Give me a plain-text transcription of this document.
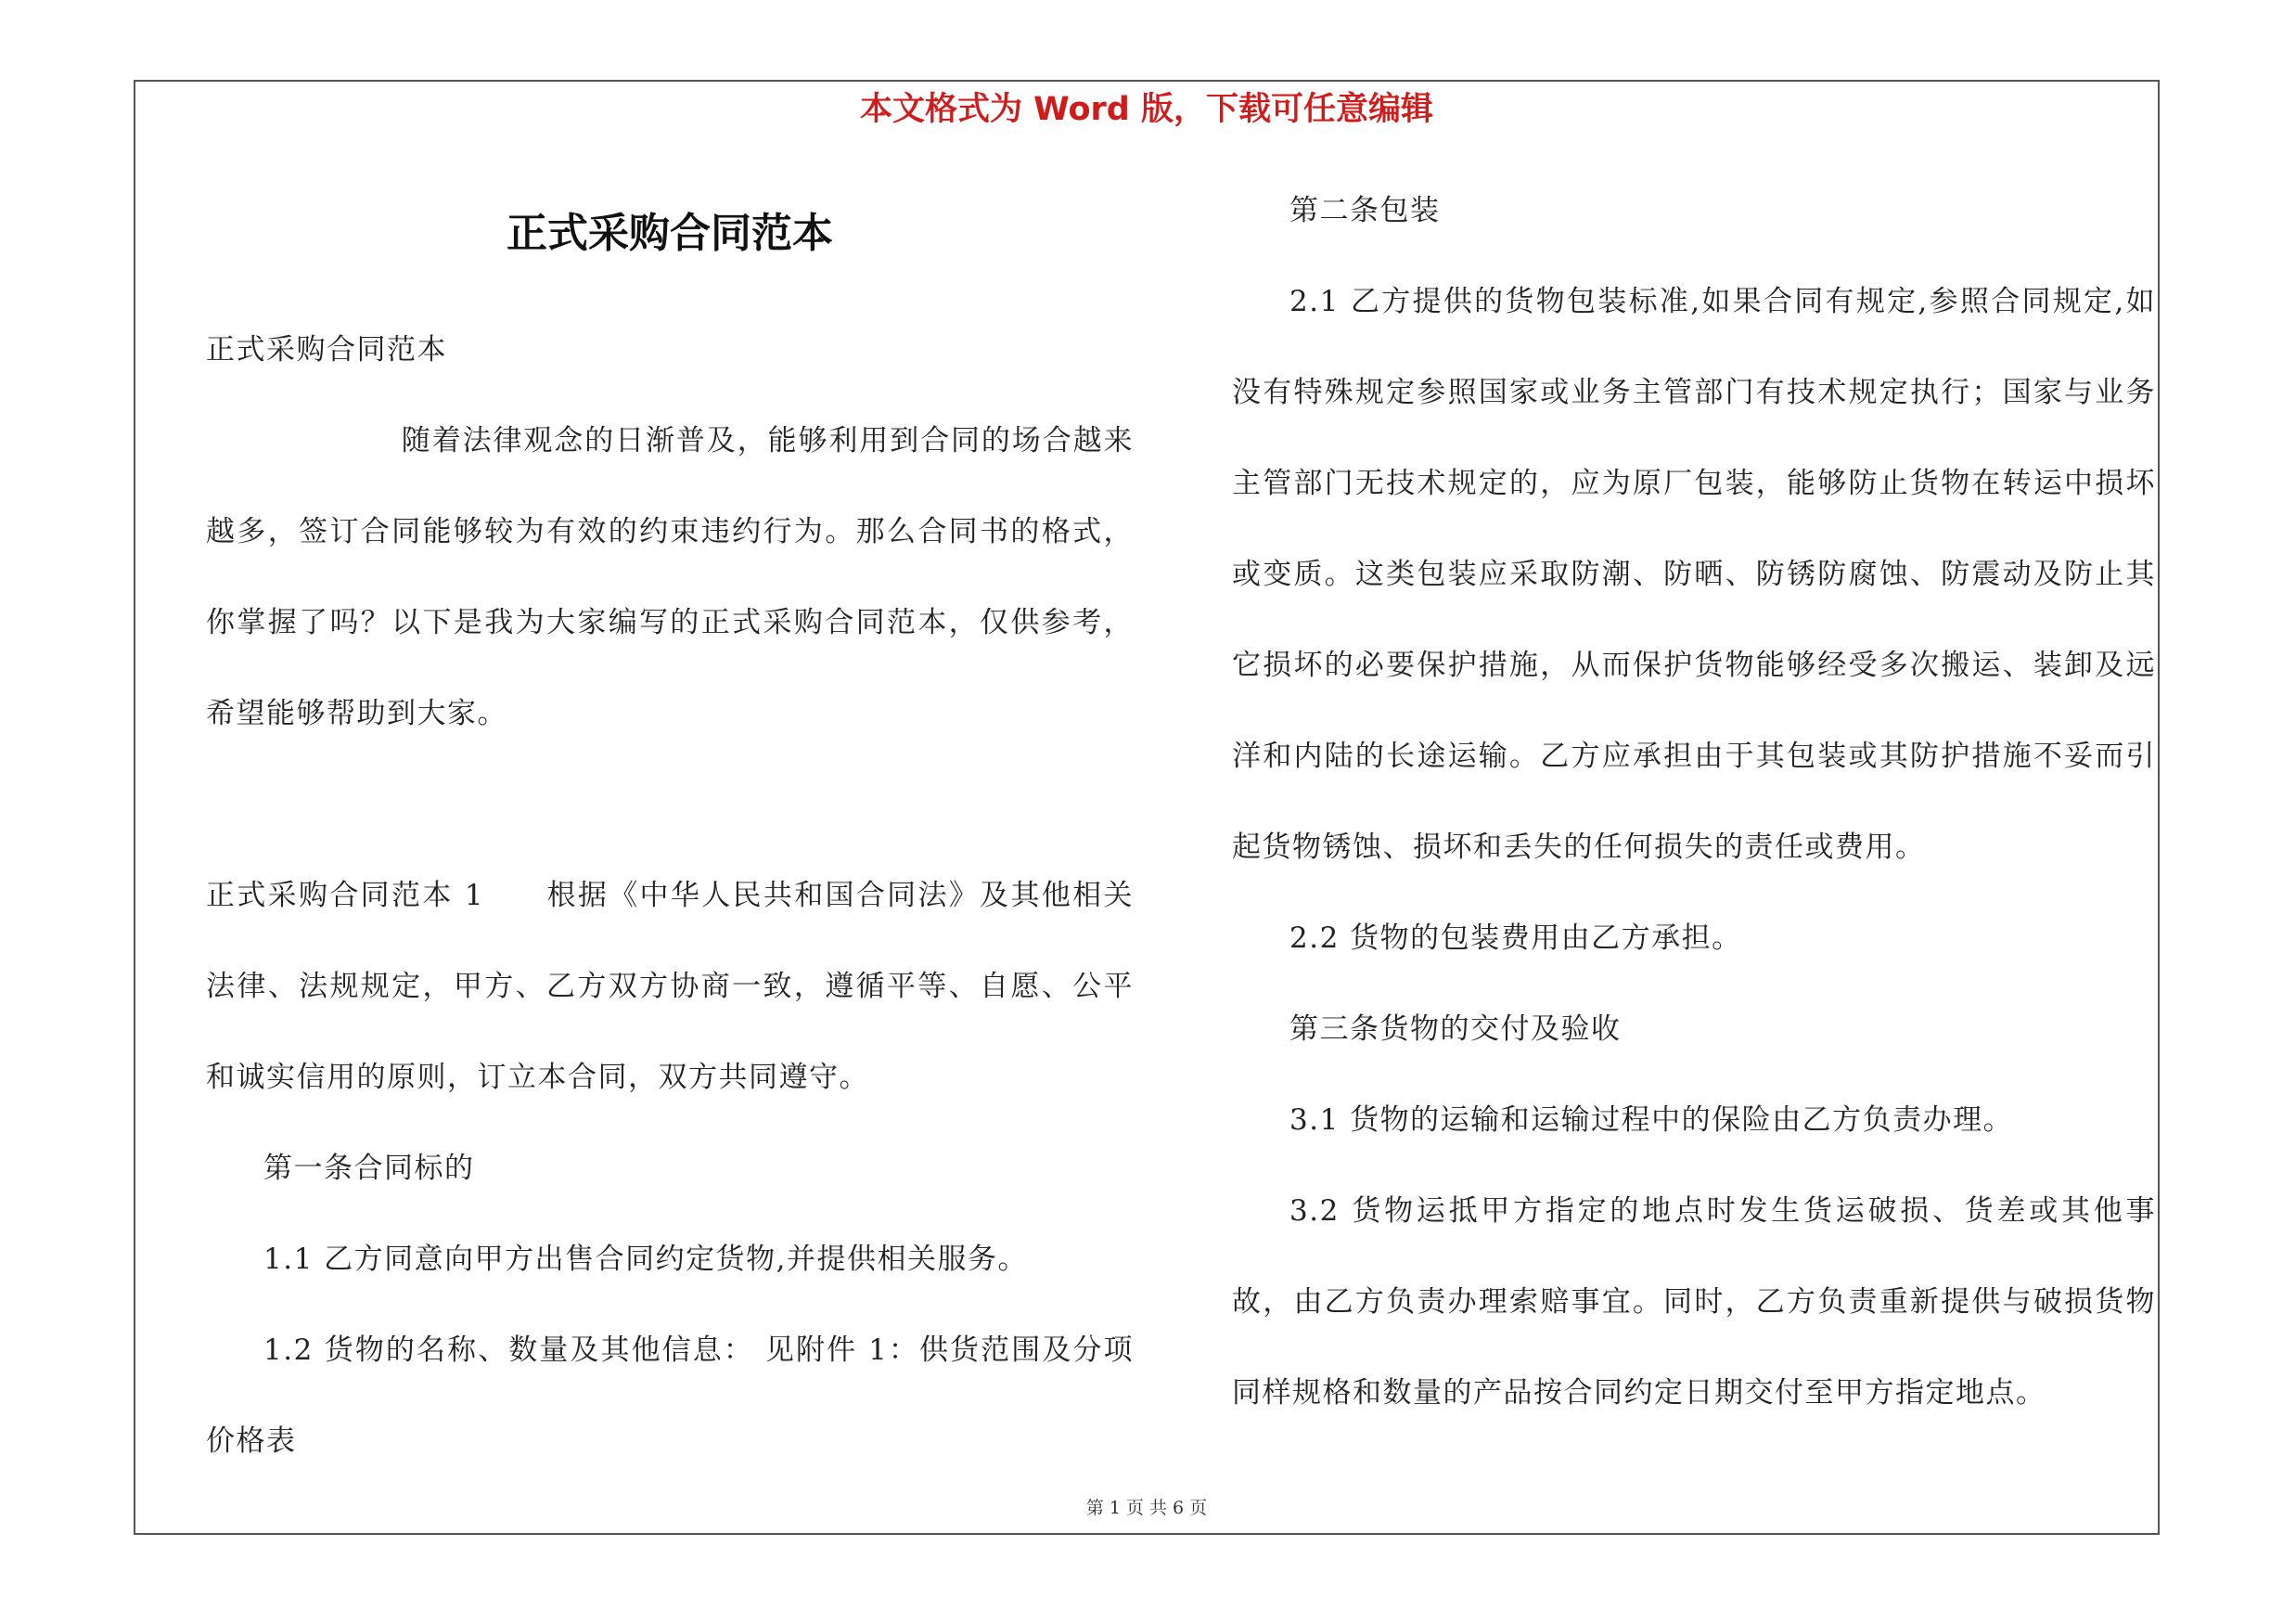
本文格式为 Word 版，下载可任意编辑
正式采购合同范本

正式采购合同范本

随着法律观念的日渐普及，能够利用到合同的场合越来越多，签订合同能够较为有效的约束违约行为。那么合同书的格式，你掌握了吗？以下是我为大家编写的正式采购合同范本，仅供参考，希望能够帮助到大家。

正式采购合同范本 1　　根据《中华人民共和国合同法》及其他相关法律、法规规定，甲方、乙方双方协商一致，遵循平等、自愿、公平和诚实信用的原则，订立本合同，双方共同遵守。

第一条合同标的

1.1 乙方同意向甲方出售合同约定货物,并提供相关服务。

1.2 货物的名称、数量及其他信息： 见附件 1：供货范围及分项价格表

第二条包装

2.1 乙方提供的货物包装标准,如果合同有规定,参照合同规定,如没有特殊规定参照国家或业务主管部门有技术规定执行；国家与业务主管部门无技术规定的，应为原厂包装，能够防止货物在转运中损坏或变质。这类包装应采取防潮、防晒、防锈防腐蚀、防震动及防止其它损坏的必要保护措施，从而保护货物能够经受多次搬运、装卸及远洋和内陆的长途运输。乙方应承担由于其包装或其防护措施不妥而引起货物锈蚀、损坏和丢失的任何损失的责任或费用。

2.2 货物的包装费用由乙方承担。

第三条货物的交付及验收

3.1 货物的运输和运输过程中的保险由乙方负责办理。

3.2 货物运抵甲方指定的地点时发生货运破损、货差或其他事故，由乙方负责办理索赔事宜。同时，乙方负责重新提供与破损货物同样规格和数量的产品按合同约定日期交付至甲方指定地点。

第 1 页 共 6 页
